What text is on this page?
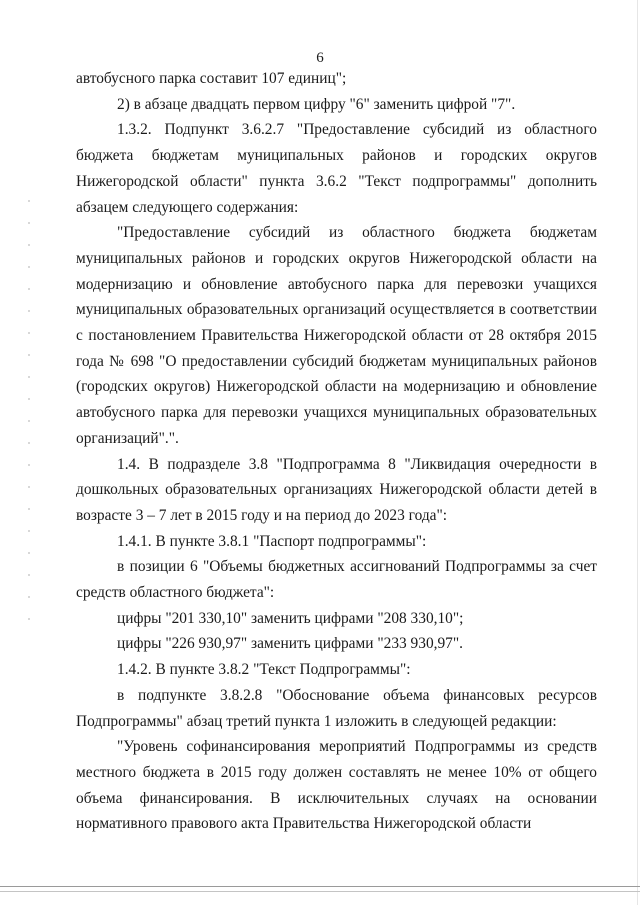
6

автобусного парка составит 107 единиц";

2) в абзаце двадцать первом цифру "6" заменить цифрой "7".

1.3.2. Подпункт 3.6.2.7 "Предоставление субсидий из областного бюджета бюджетам муниципальных районов и городских округов Нижегородской области" пункта 3.6.2 "Текст подпрограммы" дополнить абзацем следующего содержания:

"Предоставление субсидий из областного бюджета бюджетам муниципальных районов и городских округов Нижегородской области на модернизацию и обновление автобусного парка для перевозки учащихся муниципальных образовательных организаций осуществляется в соответствии с постановлением Правительства Нижегородской области от 28 октября 2015 года № 698 "О предоставлении субсидий бюджетам муниципальных районов (городских округов) Нижегородской области на модернизацию и обновление автобусного парка для перевозки учащихся муниципальных образовательных организаций".".

1.4. В подразделе 3.8 "Подпрограмма 8 "Ликвидация очередности в дошкольных образовательных организациях Нижегородской области детей в возрасте 3 – 7 лет в 2015 году и на период до 2023 года":

1.4.1. В пункте 3.8.1 "Паспорт подпрограммы":

в позиции 6 "Объемы бюджетных ассигнований Подпрограммы за счет средств областного бюджета":

цифры "201 330,10" заменить цифрами "208 330,10";

цифры "226 930,97" заменить цифрами "233 930,97".

1.4.2. В пункте 3.8.2 "Текст Подпрограммы":

в подпункте 3.8.2.8 "Обоснование объема финансовых ресурсов Подпрограммы" абзац третий пункта 1 изложить в следующей редакции:

"Уровень софинансирования мероприятий Подпрограммы из средств местного бюджета в 2015 году должен составлять не менее 10% от общего объема финансирования. В исключительных случаях на основании нормативного правового акта Правительства Нижегородской области
